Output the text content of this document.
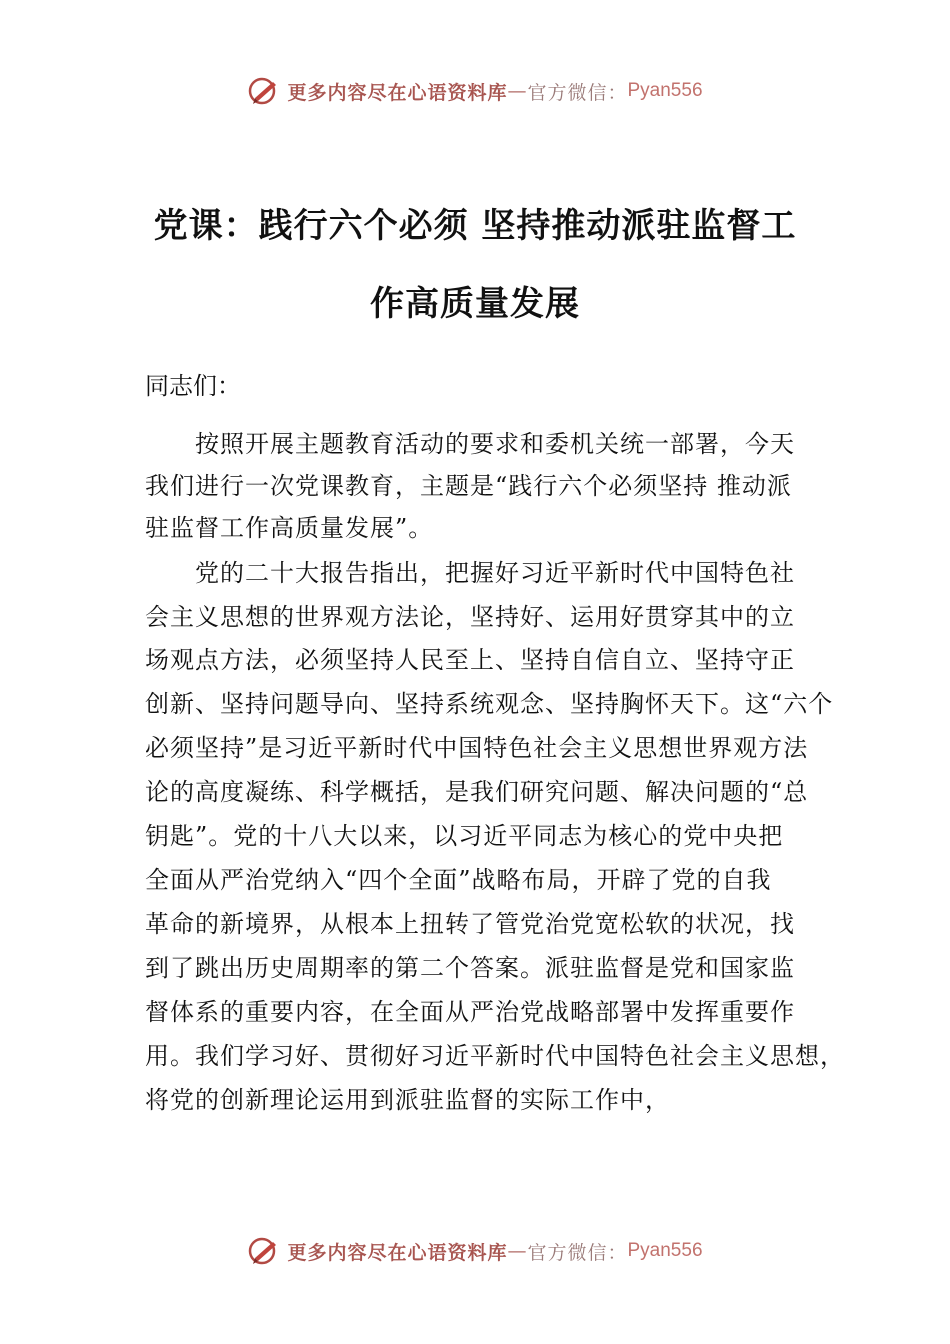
更多内容尽在心语资料库 — 官方微信： Pyan556
党课：践行六个必须 坚持推动派驻监督工
作高质量发展

同志们：

按照开展主题教育活动的要求和委机关统一部署，今天

我们进行一次党课教育，主题是“践行六个必须坚持 推动派

驻监督工作高质量发展”。

党的二十大报告指出，把握好习近平新时代中国特色社

会主义思想的世界观方法论，坚持好、运用好贯穿其中的立

场观点方法，必须坚持人民至上、坚持自信自立、坚持守正

创新、坚持问题导向、坚持系统观念、坚持胸怀天下。这“六个

必须坚持”是习近平新时代中国特色社会主义思想世界观方法

论的高度凝练、科学概括，是我们研究问题、解决问题的“总

钥匙”。党的十八大以来，以习近平同志为核心的党中央把

全面从严治党纳入“四个全面”战略布局，开辟了党的自我

革命的新境界，从根本上扭转了管党治党宽松软的状况，找

到了跳出历史周期率的第二个答案。派驻监督是党和国家监

督体系的重要内容，在全面从严治党战略部署中发挥重要作

用。我们学习好、贯彻好习近平新时代中国特色社会主义思想，

将党的创新理论运用到派驻监督的实际工作中，

更多内容尽在心语资料库 — 官方微信： Pyan556
